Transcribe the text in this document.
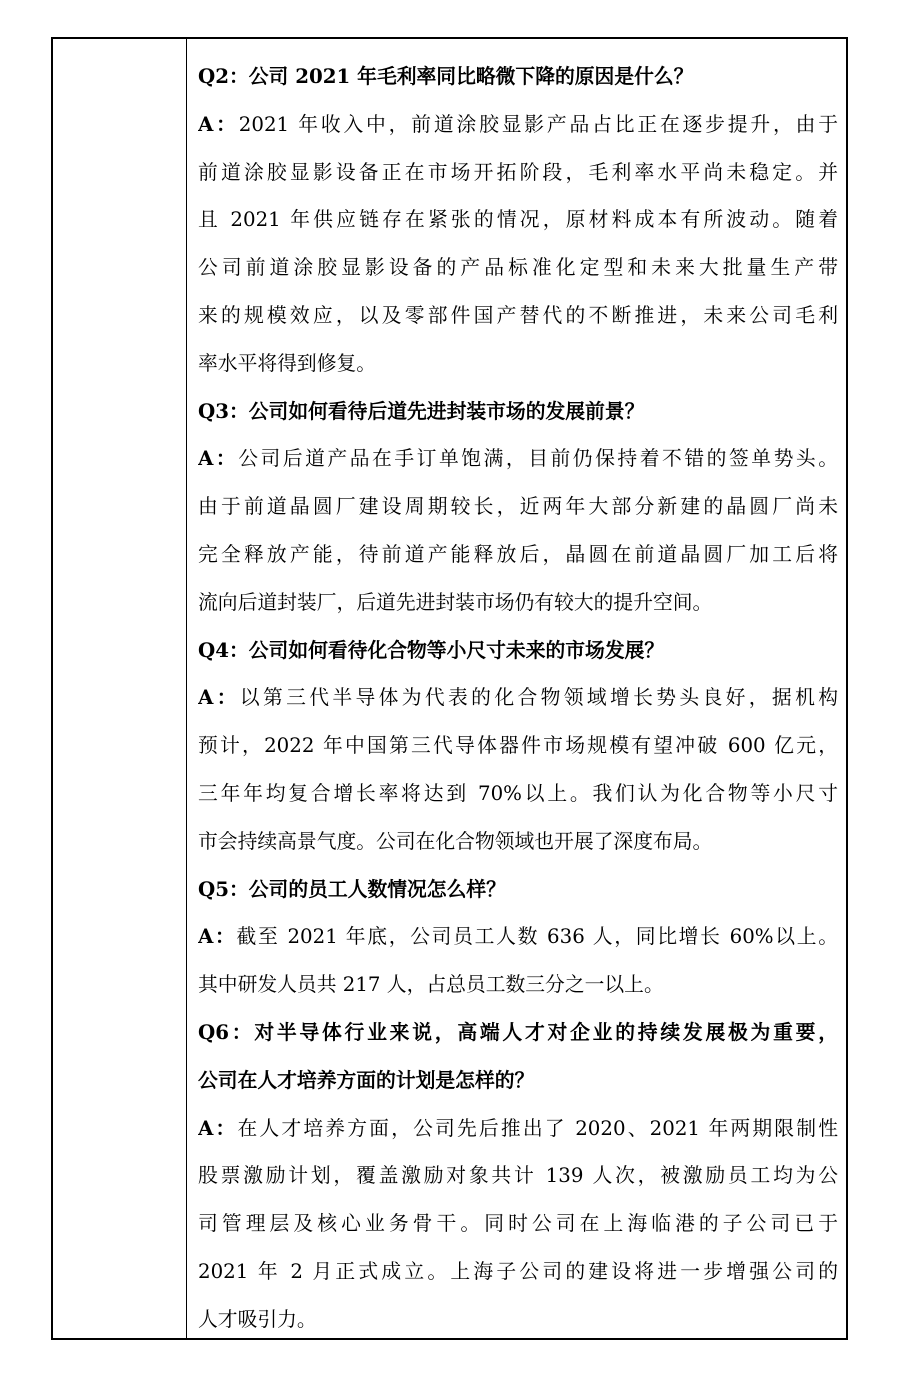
Q2：公司 2021 年毛利率同比略微下降的原因是什么？
A：2021 年收入中，前道涂胶显影产品占比正在逐步提升，由于
前道涂胶显影设备正在市场开拓阶段，毛利率水平尚未稳定。并
且 2021 年供应链存在紧张的情况，原材料成本有所波动。随着
公司前道涂胶显影设备的产品标准化定型和未来大批量生产带
来的规模效应，以及零部件国产替代的不断推进，未来公司毛利
率水平将得到修复。
Q3：公司如何看待后道先进封装市场的发展前景？
A：公司后道产品在手订单饱满，目前仍保持着不错的签单势头。
由于前道晶圆厂建设周期较长，近两年大部分新建的晶圆厂尚未
完全释放产能，待前道产能释放后，晶圆在前道晶圆厂加工后将
流向后道封装厂，后道先进封装市场仍有较大的提升空间。
Q4：公司如何看待化合物等小尺寸未来的市场发展？
A：以第三代半导体为代表的化合物领域增长势头良好，据机构
预计，2022 年中国第三代导体器件市场规模有望冲破 600 亿元，
三年年均复合增长率将达到 70%以上。我们认为化合物等小尺寸
市会持续高景气度。公司在化合物领域也开展了深度布局。
Q5：公司的员工人数情况怎么样？
A：截至 2021 年底，公司员工人数 636 人，同比增长 60%以上。
其中研发人员共 217 人，占总员工数三分之一以上。
Q6：对半导体行业来说，高端人才对企业的持续发展极为重要，
公司在人才培养方面的计划是怎样的？
A：在人才培养方面，公司先后推出了 2020、2021 年两期限制性
股票激励计划，覆盖激励对象共计 139 人次，被激励员工均为公
司管理层及核心业务骨干。同时公司在上海临港的子公司已于
2021 年 2 月正式成立。上海子公司的建设将进一步增强公司的
人才吸引力。
